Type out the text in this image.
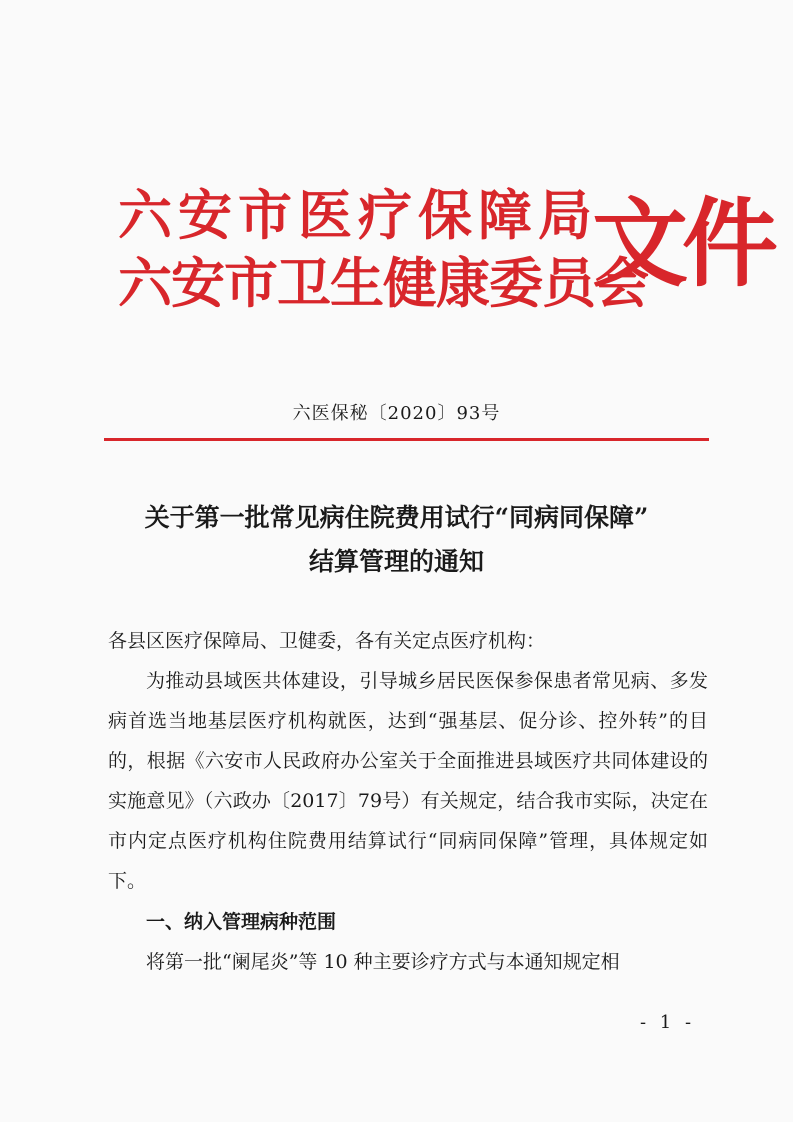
六安市医疗保障局
六安市卫生健康委员会
文件
六医保秘〔2020〕93号
关于第一批常见病住院费用试行“同病同保障”
结算管理的通知
各县区医疗保障局、卫健委，各有关定点医疗机构：
为推动县域医共体建设，引导城乡居民医保参保患者常见病、多发病首选当地基层医疗机构就医，达到“强基层、促分诊、控外转”的目的，根据《六安市人民政府办公室关于全面推进县域医疗共同体建设的实施意见》（六政办〔2017〕79号）有关规定，结合我市实际，决定在市内定点医疗机构住院费用结算试行“同病同保障”管理，具体规定如下。
一、纳入管理病种范围
将第一批“阑尾炎”等 10 种主要诊疗方式与本通知规定相
- 1 -
